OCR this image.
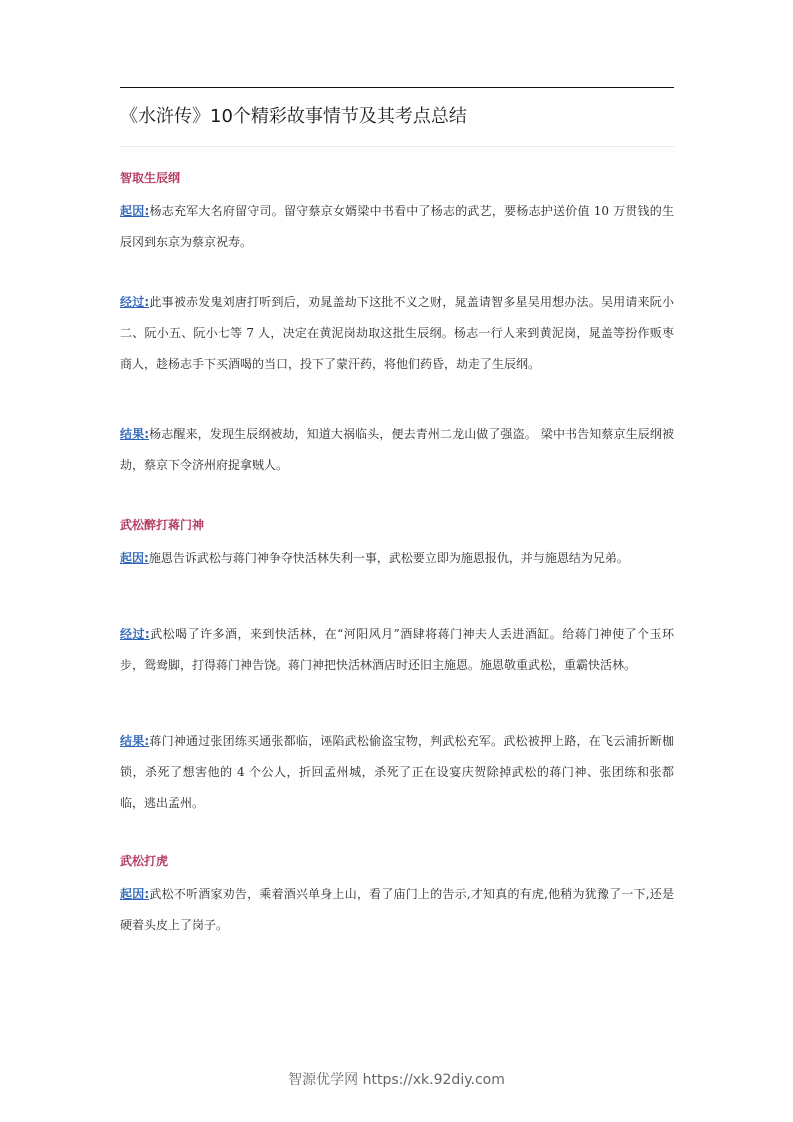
《水浒传》10个精彩故事情节及其考点总结
智取生辰纲
起因:杨志充军大名府留守司。留守蔡京女婿梁中书看中了杨志的武艺，要杨志护送价值 10 万贯钱的生辰冈到东京为蔡京祝寿。
经过:此事被赤发鬼刘唐打听到后，劝晁盖劫下这批不义之财，晁盖请智多星吴用想办法。吴用请来阮小二、阮小五、阮小七等 7 人，决定在黄泥岗劫取这批生辰纲。杨志一行人来到黄泥岗，晁盖等扮作贩枣商人，趁杨志手下买酒喝的当口，投下了蒙汗药，将他们药昏，劫走了生辰纲。
结果:杨志醒来，发现生辰纲被劫，知道大祸临头，便去青州二龙山做了强盗。 梁中书告知蔡京生辰纲被劫，蔡京下令济州府捉拿贼人。
武松醉打蒋门神
起因:施恩告诉武松与蒋门神争夺快活林失利一事，武松要立即为施恩报仇，并与施恩结为兄弟。
经过:武松喝了许多酒，来到快活林，在“河阳风月”酒肆将蒋门神夫人丢进酒缸。给蒋门神使了个玉环步，鸳鸯脚，打得蒋门神告饶。蒋门神把快活林酒店时还旧主施恩。施恩敬重武松，重霸快活林。
结果:蒋门神通过张团练买通张都临，诬陷武松偷盗宝物，判武松充军。武松被押上路，在飞云浦折断枷锁，杀死了想害他的 4 个公人，折回孟州城，杀死了正在设宴庆贺除掉武松的蒋门神、张团练和张都临，逃出孟州。
武松打虎
起因:武松不听酒家劝告，乘着酒兴单身上山，看了庙门上的告示,才知真的有虎,他稍为犹豫了一下,还是硬着头皮上了岗子。
智源优学网 https://xk.92diy.com
